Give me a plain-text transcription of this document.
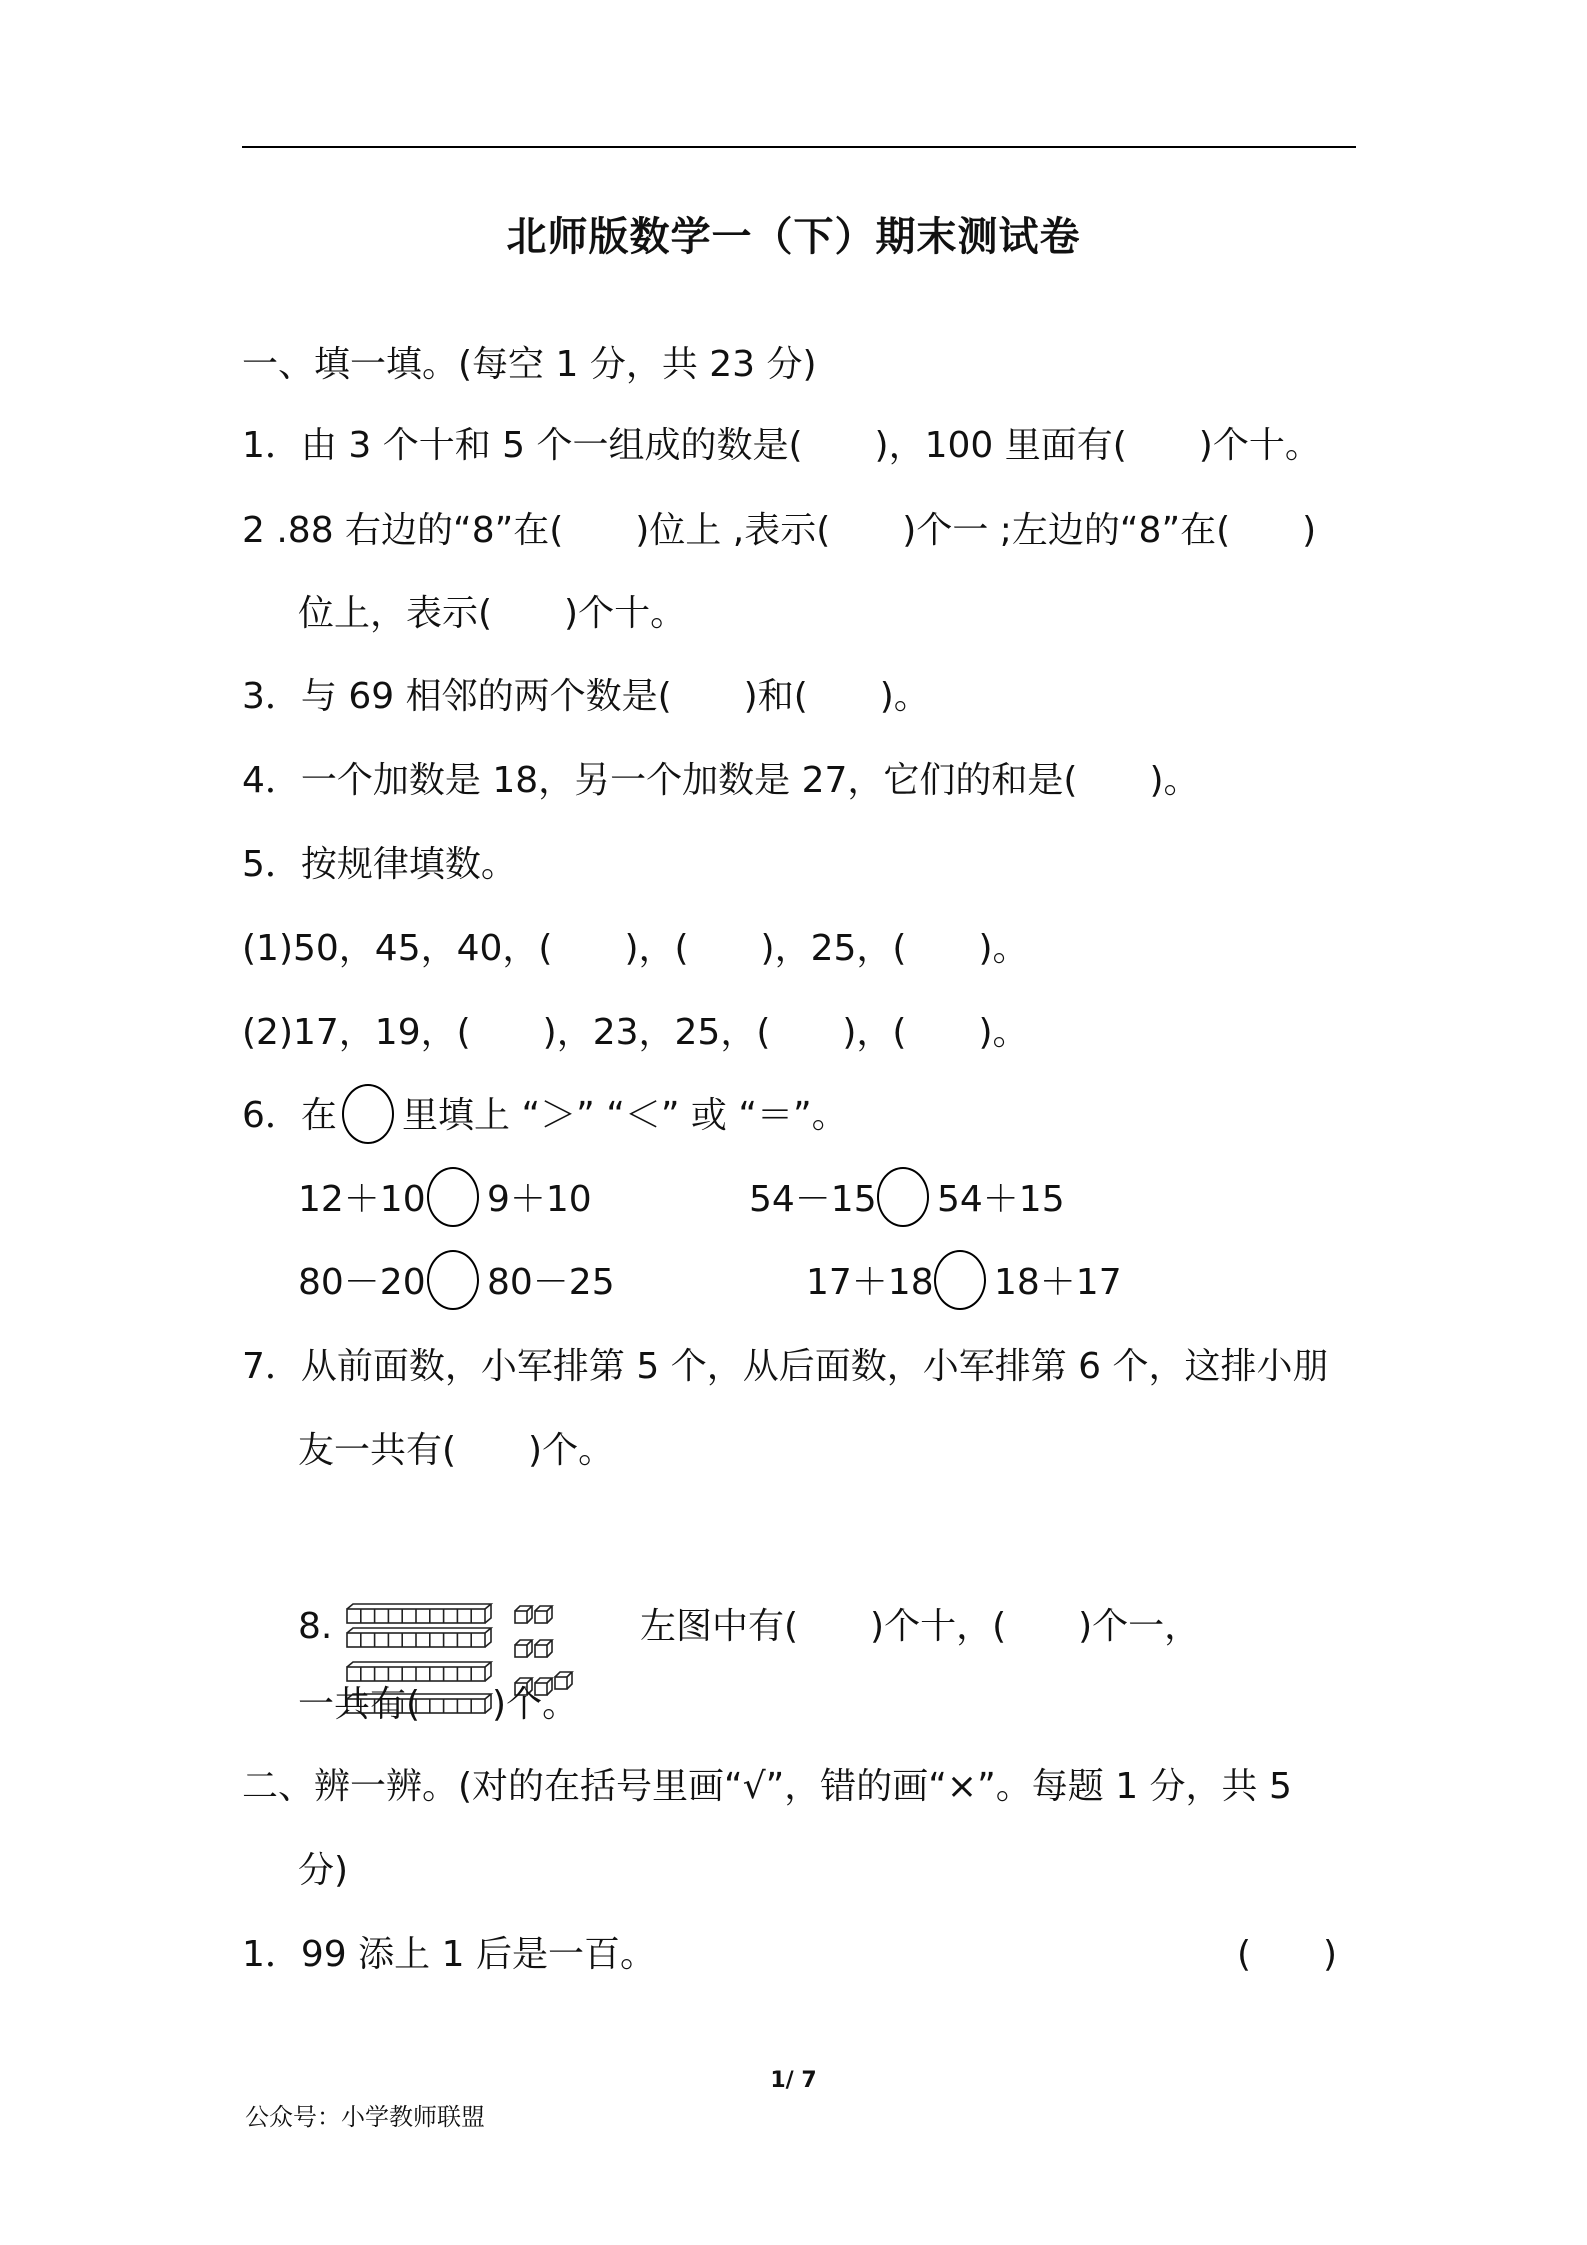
北师版数学一（下）期末测试卷
一、填一填。(每空 1 分，共 23 分)
1．由 3 个十和 5 个一组成的数是(　　)，100 里面有(　　)个十。
2 .88 右边的“8”在(　　)位上 ,表示(　　)个一 ;左边的“8”在(　　)
位上，表示(　　)个十。
3．与 69 相邻的两个数是(　　)和(　　)。
4．一个加数是 18，另一个加数是 27，它们的和是(　　)。
5．按规律填数。
(1)50，45，40，(　　)，(　　)，25，(　　)。
(2)17，19，(　　)，23，25，(　　)，(　　)。
6．在 里填上 “＞” “＜” 或 “＝”。
12＋10 9＋10	54－15 54＋15
80－20 80－25	17＋18 18＋17
7．从前面数，小军排第 5 个，从后面数，小军排第 6 个，这排小朋
友一共有(　　)个。
8.	左图中有(　　)个十，(　　)个一，
一共有(　　)个。
二、辨一辨。(对的在括号里画“√”，错的画“×”。每题 1 分，共 5
分)
1．99 添上 1 后是一百。	(　　)
1/ 7
公众号：小学教师联盟
